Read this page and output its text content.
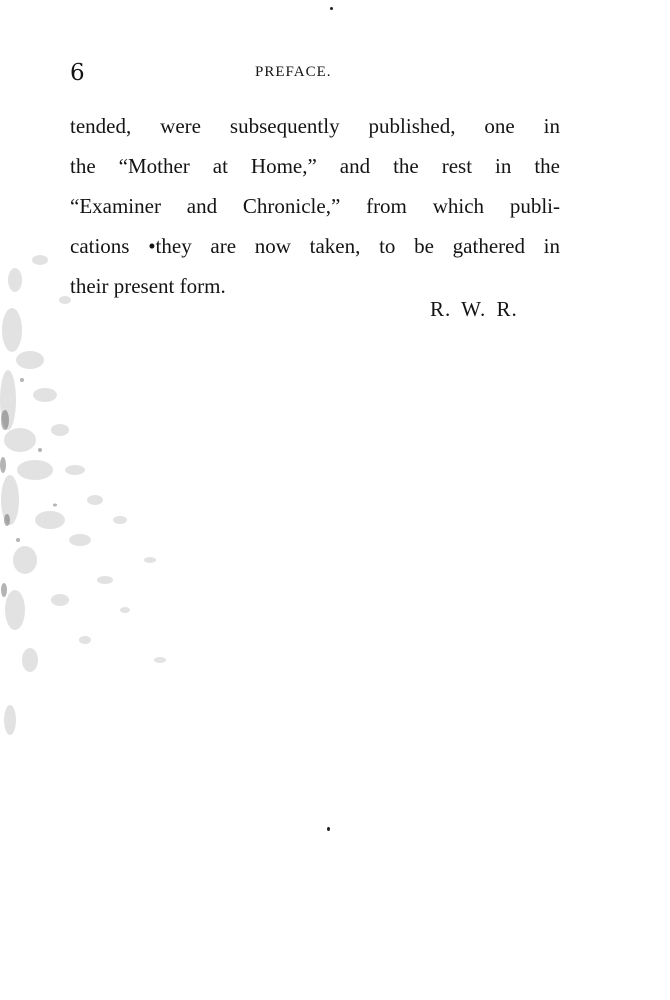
6	PREFACE.
tended, were subsequently published, one in
the “Mother at Home,” and the rest in the
“Examiner and Chronicle,” from which publi-
cations •they are now taken, to be gathered in
their present form.
R. W. R.
